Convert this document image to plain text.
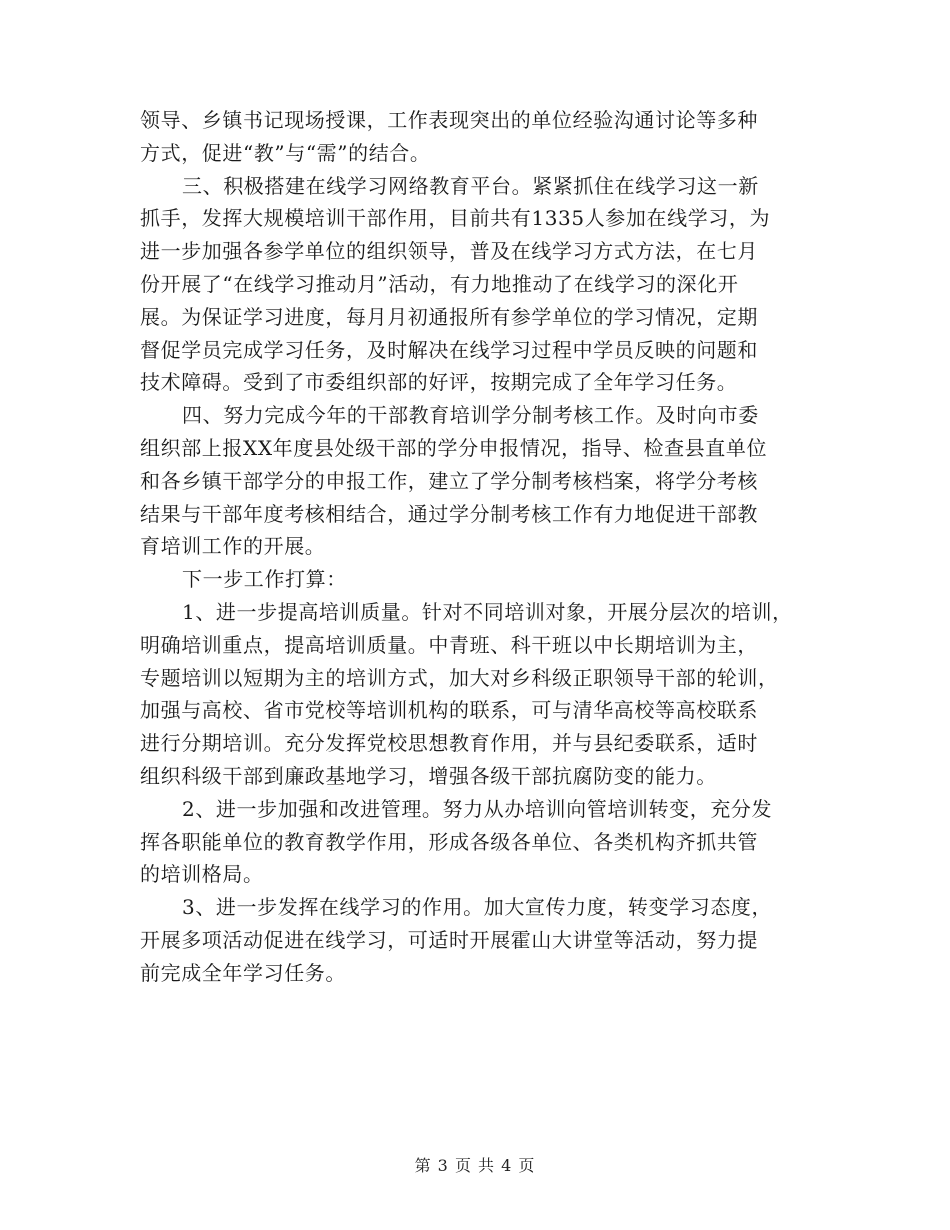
领导、乡镇书记现场授课，工作表现突出的单位经验沟通讨论等多种
方式，促进“教”与“需”的结合。
三、积极搭建在线学习网络教育平台。紧紧抓住在线学习这一新
抓手，发挥大规模培训干部作用，目前共有1335人参加在线学习，为
进一步加强各参学单位的组织领导，普及在线学习方式方法，在七月
份开展了“在线学习推动月”活动，有力地推动了在线学习的深化开
展。为保证学习进度，每月月初通报所有参学单位的学习情况，定期
督促学员完成学习任务，及时解决在线学习过程中学员反映的问题和
技术障碍。受到了市委组织部的好评，按期完成了全年学习任务。
四、努力完成今年的干部教育培训学分制考核工作。及时向市委
组织部上报XX年度县处级干部的学分申报情况，指导、检查县直单位
和各乡镇干部学分的申报工作，建立了学分制考核档案，将学分考核
结果与干部年度考核相结合，通过学分制考核工作有力地促进干部教
育培训工作的开展。
下一步工作打算：
1、进一步提高培训质量。针对不同培训对象，开展分层次的培训，
明确培训重点，提高培训质量。中青班、科干班以中长期培训为主，
专题培训以短期为主的培训方式，加大对乡科级正职领导干部的轮训，
加强与高校、省市党校等培训机构的联系，可与清华高校等高校联系
进行分期培训。充分发挥党校思想教育作用，并与县纪委联系，适时
组织科级干部到廉政基地学习，增强各级干部抗腐防变的能力。
2、进一步加强和改进管理。努力从办培训向管培训转变，充分发
挥各职能单位的教育教学作用，形成各级各单位、各类机构齐抓共管
的培训格局。
3、进一步发挥在线学习的作用。加大宣传力度，转变学习态度，
开展多项活动促进在线学习，可适时开展霍山大讲堂等活动，努力提
前完成全年学习任务。
第 3 页 共 4 页
